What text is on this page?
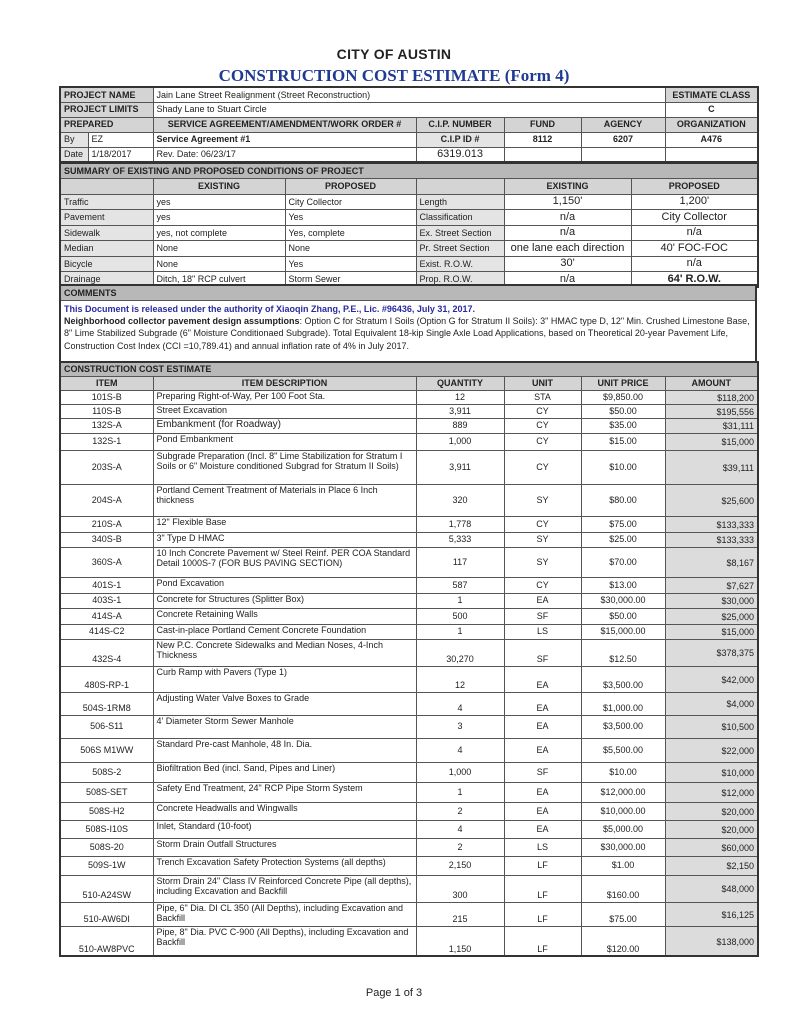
CITY OF AUSTIN
CONSTRUCTION COST ESTIMATE (Form 4)
PROJECT NAME		Jain Lane Street Realignment (Street Reconstruction)				ESTIMATE CLASS
PROJECT LIMITS		Shady Lane to Stuart Circle				C
PREPARED		SERVICE AGREEMENT/AMENDMENT/WORK ORDER #	C.I.P. NUMBER	FUND	AGENCY	ORGANIZATION
By	EZ	Service Agreement #1	C.I.P ID #	8112	6207	A476
Date	1/18/2017	Rev. Date: 06/23/17	6319.013			
SUMMARY OF EXISTING AND PROPOSED CONDITIONS OF PROJECT					
	EXISTING	PROPOSED		EXISTING	PROPOSED
Traffic	yes	City Collector	Length	1,150'	1,200'
Pavement	yes	Yes	Classification	n/a	City Collector
Sidewalk	yes, not complete	Yes, complete	Ex. Street Section	n/a	n/a
Median	None	None	Pr. Street Section	one lane each direction	40' FOC-FOC
Bicycle	None	Yes	Exist. R.O.W.	30'	n/a
Drainage	Ditch, 18" RCP culvert	Storm Sewer	Prop. R.O.W.	n/a	64' R.O.W.
COMMENTS

This Document is released under the authority of Xiaoqin Zhang, P.E., Lic. #96436, July 31, 2017.
Neighborhood collector pavement design assumptions: Option C for Stratum I Soils (Option G for Stratum II Soils): 3" HMAC type D, 12" Min. Crushed Limestone Base, 8" Lime Stabilized Subgrade (6" Moisture Conditionaed Subgrade). Total Equivalent 18-kip Single Axle Load Applications, based on Theoretical 20-year Pavement Life, Construction Cost Index (CCI =10,789.41) and annual inflation rate of 4% in July 2017.
CONSTRUCTION COST ESTIMATE					
ITEM	ITEM DESCRIPTION	QUANTITY	UNIT	UNIT PRICE	AMOUNT
101S-B	Preparing Right-of-Way, Per 100 Foot Sta.	12	STA	$9,850.00	$118,200
110S-B	Street Excavation	3,911	CY	$50.00	$195,556
132S-A	Embankment (for Roadway)	889	CY	$35.00	$31,111
132S-1	Pond Embankment	1,000	CY	$15.00	$15,000
203S-A	Subgrade Preparation (Incl. 8" Lime Stabilization for Stratum I Soils or 6" Moisture conditioned Subgrad for Stratum II Soils)	3,911	CY	$10.00	$39,111
204S-A	Portland Cement Treatment of Materials in Place 6 Inch thickness	320	SY	$80.00	$25,600
210S-A	12" Flexible Base	1,778	CY	$75.00	$133,333
340S-B	3" Type D HMAC	5,333	SY	$25.00	$133,333
360S-A	10 Inch Concrete Pavement w/ Steel Reinf. PER COA Standard Detail 1000S-7 (FOR BUS PAVING SECTION)	117	SY	$70.00	$8,167
401S-1	Pond Excavation	587	CY	$13.00	$7,627
403S-1	Concrete for Structures (Splitter Box)	1	EA	$30,000.00	$30,000
414S-A	Concrete Retaining Walls	500	SF	$50.00	$25,000
414S-C2	Cast-in-place Portland Cement Concrete Foundation	1	LS	$15,000.00	$15,000
432S-4	New P.C. Concrete Sidewalks and Median Noses, 4-Inch Thickness	30,270	SF	$12.50	$378,375
480S-RP-1	Curb Ramp with Pavers (Type 1)	12	EA	$3,500.00	$42,000
504S-1RM8	Adjusting Water Valve Boxes to Grade	4	EA	$1,000.00	$4,000
506-S11	4' Diameter Storm Sewer Manhole	3	EA	$3,500.00	$10,500
506S M1WW	Standard Pre-cast Manhole, 48 In. Dia.	4	EA	$5,500.00	$22,000
508S-2	Biofiltration Bed (incl. Sand, Pipes and Liner)	1,000	SF	$10.00	$10,000
508S-SET	Safety End Treatment, 24" RCP Pipe Storm System	1	EA	$12,000.00	$12,000
508S-H2	Concrete Headwalls and Wingwalls	2	EA	$10,000.00	$20,000
508S-I10S	Inlet, Standard (10-foot)	4	EA	$5,000.00	$20,000
508S-20	Storm Drain Outfall Structures	2	LS	$30,000.00	$60,000
509S-1W	Trench Excavation Safety Protection Systems (all depths)	2,150	LF	$1.00	$2,150
510-A24SW	Storm Drain 24" Class IV Reinforced Concrete Pipe (all depths), including Excavation and Backfill	300	LF	$160.00	$48,000
510-AW6DI	Pipe, 6" Dia. DI CL 350 (All Depths), including Excavation and Backfill	215	LF	$75.00	$16,125
510-AW8PVC	Pipe, 8" Dia. PVC C-900 (All Depths), including Excavation and Backfill	1,150	LF	$120.00	$138,000
Page 1 of 3
